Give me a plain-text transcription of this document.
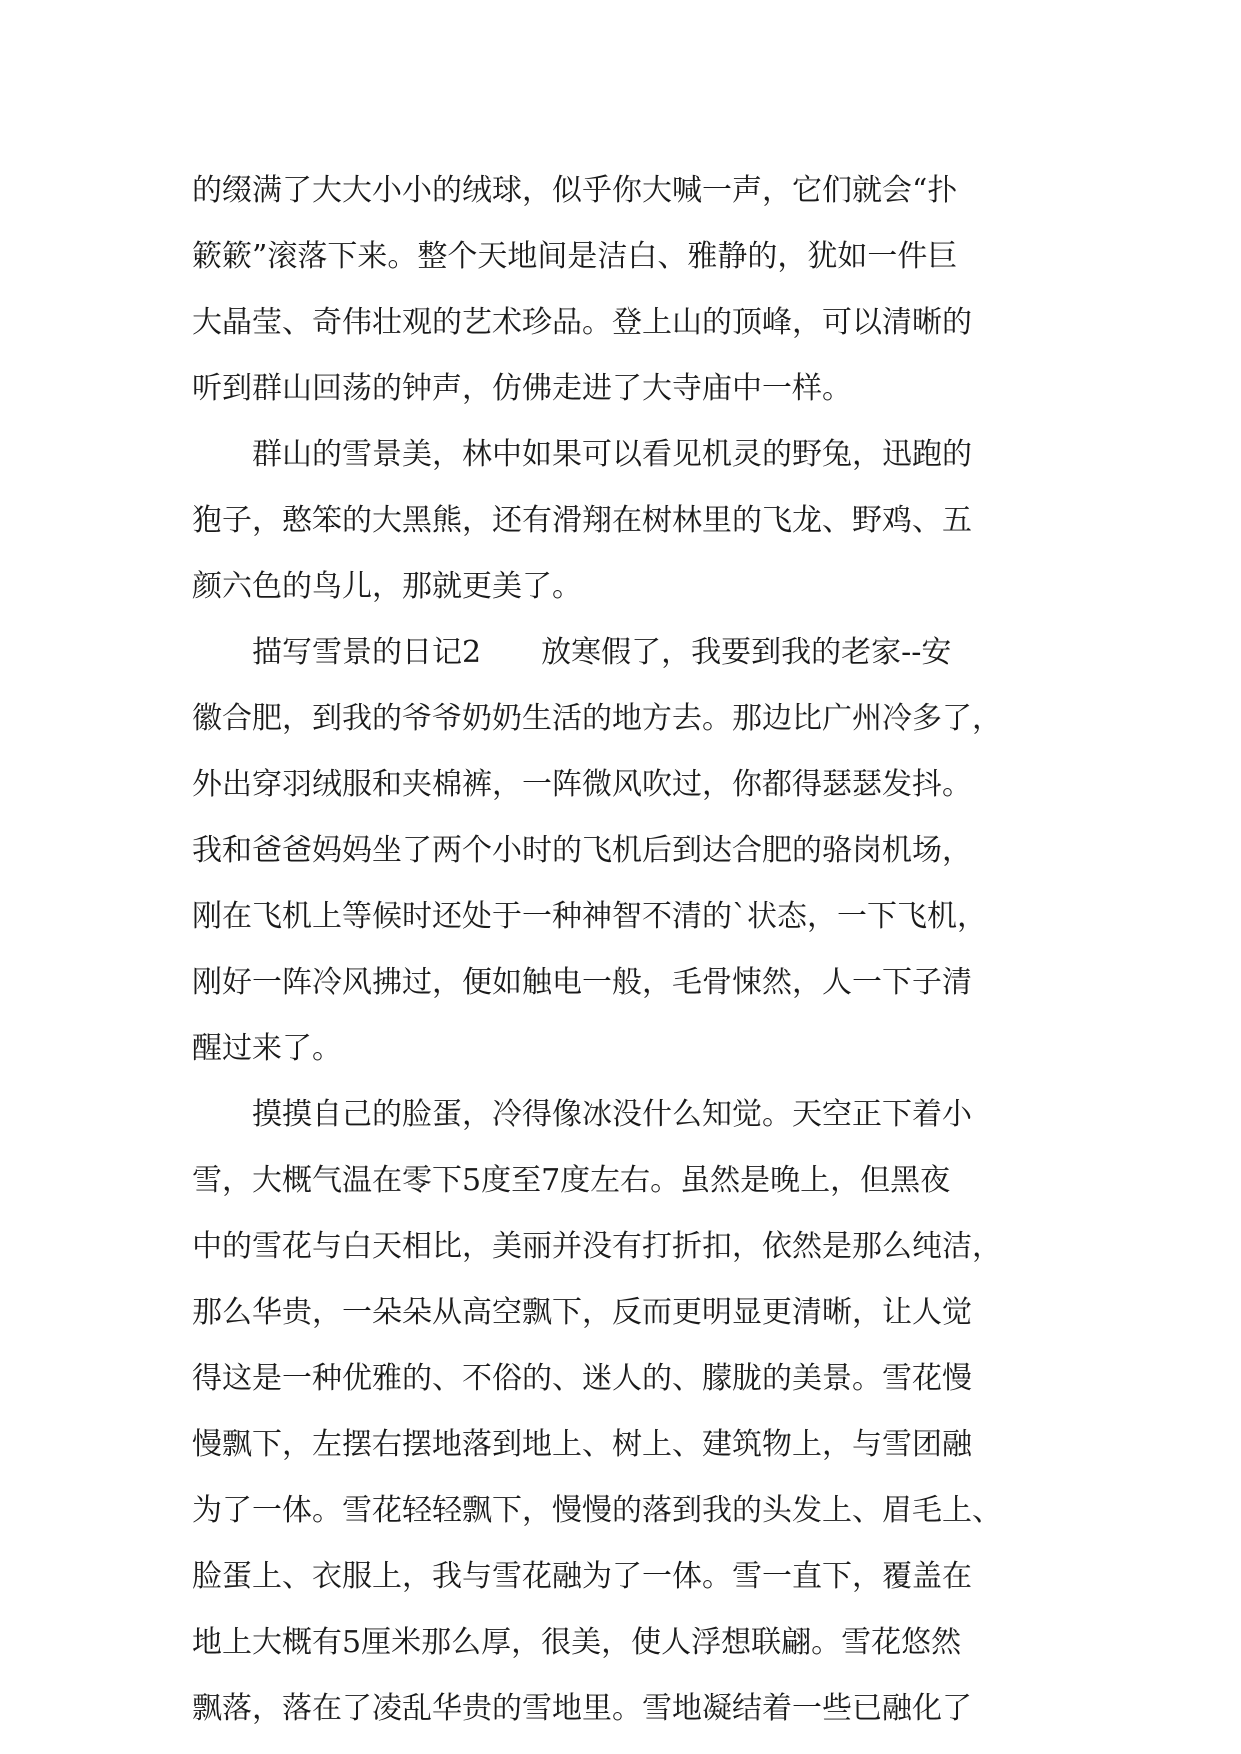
的缀满了大大小小的绒球，似乎你大喊一声，它们就会“扑
簌簌”滚落下来。整个天地间是洁白、雅静的，犹如一件巨
大晶莹、奇伟壮观的艺术珍品。登上山的顶峰，可以清晰的
听到群山回荡的钟声，仿佛走进了大寺庙中一样。
　　群山的雪景美，林中如果可以看见机灵的野兔，迅跑的
狍子，憨笨的大黑熊，还有滑翔在树林里的飞龙、野鸡、五
颜六色的鸟儿，那就更美了。
　　描写雪景的日记2　　放寒假了，我要到我的老家--安
徽合肥，到我的爷爷奶奶生活的地方去。那边比广州冷多了，
外出穿羽绒服和夹棉裤，一阵微风吹过，你都得瑟瑟发抖。
我和爸爸妈妈坐了两个小时的飞机后到达合肥的骆岗机场，
刚在飞机上等候时还处于一种神智不清的`状态，一下飞机，
刚好一阵冷风拂过，便如触电一般，毛骨悚然，人一下子清
醒过来了。
　　摸摸自己的脸蛋，冷得像冰没什么知觉。天空正下着小
雪，大概气温在零下5度至7度左右。虽然是晚上，但黑夜
中的雪花与白天相比，美丽并没有打折扣，依然是那么纯洁，
那么华贵，一朵朵从高空飘下，反而更明显更清晰，让人觉
得这是一种优雅的、不俗的、迷人的、朦胧的美景。雪花慢
慢飘下，左摆右摆地落到地上、树上、建筑物上，与雪团融
为了一体。雪花轻轻飘下，慢慢的落到我的头发上、眉毛上、
脸蛋上、衣服上，我与雪花融为了一体。雪一直下，覆盖在
地上大概有5厘米那么厚，很美，使人浮想联翩。雪花悠然
飘落，落在了凌乱华贵的雪地里。雪地凝结着一些已融化了
